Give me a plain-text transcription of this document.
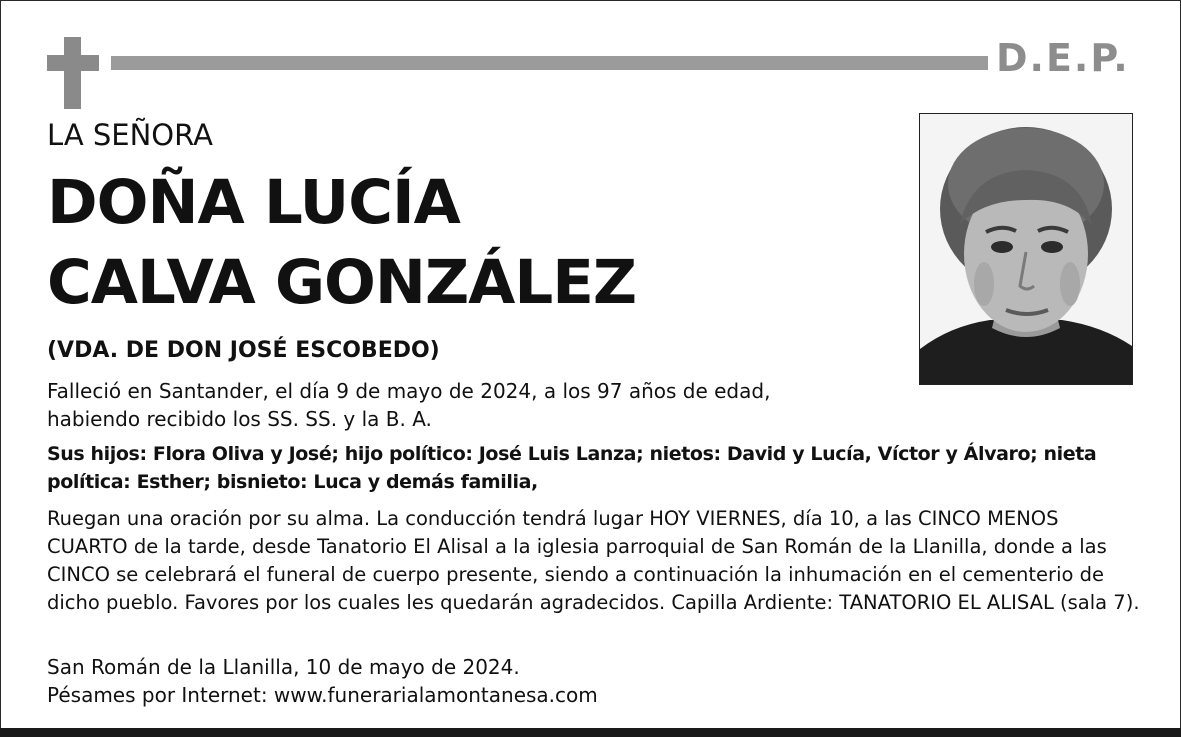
D.E.P.
LA SEÑORA
DOÑA LUCÍA
CALVA GONZÁLEZ
(VDA. DE DON JOSÉ ESCOBEDO)
Falleció en Santander, el día 9 de mayo de 2024, a los 97 años de edad, habiendo recibido los SS. SS. y la B. A.
Sus hijos: Flora Oliva y José; hijo político: José Luis Lanza; nietos: David y Lucía, Víctor y Álvaro; nieta política: Esther; bisnieto: Luca y demás familia,
Ruegan una oración por su alma. La conducción tendrá lugar HOY VIERNES, día 10, a las CINCO MENOS CUARTO de la tarde, desde Tanatorio El Alisal a la iglesia parroquial de San Román de la Llanilla, donde a las CINCO se celebrará el funeral de cuerpo presente, siendo a continuación la inhumación en el cementerio de dicho pueblo. Favores por los cuales les quedarán agradecidos. Capilla Ardiente: TANATORIO EL ALISAL (sala 7).
San Román de la Llanilla, 10 de mayo de 2024.
Pésames por Internet: www.funerarialamontanesa.com
